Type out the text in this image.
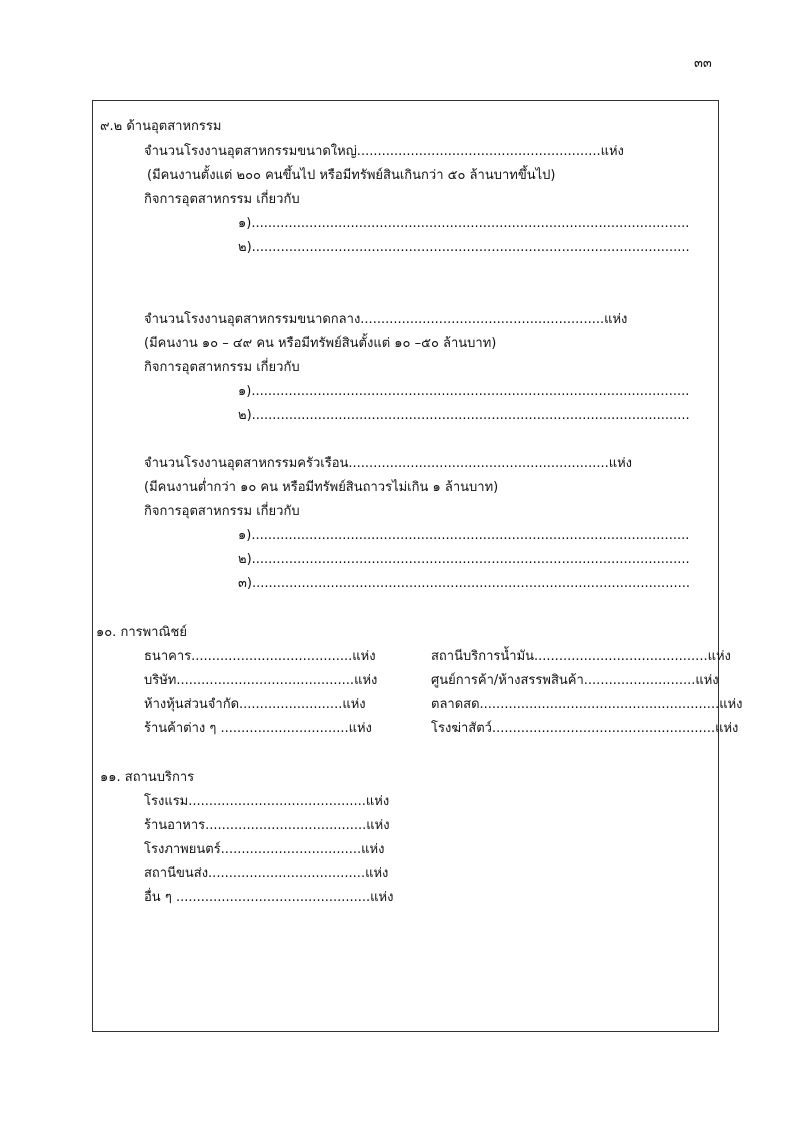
๓๓
๙.๒ ด้านอุตสาหกรรม
จำนวนโรงงานอุตสาหกรรมขนาดใหญ่...........................................................แห่ง
(มีคนงานตั้งแต่ ๒๐๐ คนขึ้นไป หรือมีทรัพย์สินเกินกว่า ๕๐ ล้านบาทขึ้นไป)
กิจการอุตสาหกรรม เกี่ยวกับ
๑)..........................................................................................................
๒)..........................................................................................................
จำนวนโรงงานอุตสาหกรรมขนาดกลาง...........................................................แห่ง
(มีคนงาน ๑๐ – ๔๙ คน หรือมีทรัพย์สินตั้งแต่ ๑๐ –๕๐ ล้านบาท)
กิจการอุตสาหกรรม เกี่ยวกับ
๑)..........................................................................................................
๒)..........................................................................................................
จำนวนโรงงานอุตสาหกรรมครัวเรือน...............................................................แห่ง
(มีคนงานต่ำกว่า ๑๐ คน หรือมีทรัพย์สินถาวรไม่เกิน ๑ ล้านบาท)
กิจการอุตสาหกรรม เกี่ยวกับ
๑)..........................................................................................................
๒)..........................................................................................................
๓)..........................................................................................................
๑๐. การพาณิชย์
ธนาคาร.......................................แห่ง
บริษัท...........................................แห่ง
ห้างหุ้นส่วนจำกัด.........................แห่ง
ร้านค้าต่าง ๆ ...............................แห่ง
สถานีบริการน้ำมัน..........................................แห่ง
ศูนย์การค้า/ห้างสรรพสินค้า...........................แห่ง
ตลาดสด..........................................................แห่ง
โรงฆ่าสัตว์......................................................แห่ง
๑๑. สถานบริการ
โรงแรม...........................................แห่ง
ร้านอาหาร.......................................แห่ง
โรงภาพยนตร์..................................แห่ง
สถานีขนส่ง......................................แห่ง
อื่น ๆ ...............................................แห่ง
